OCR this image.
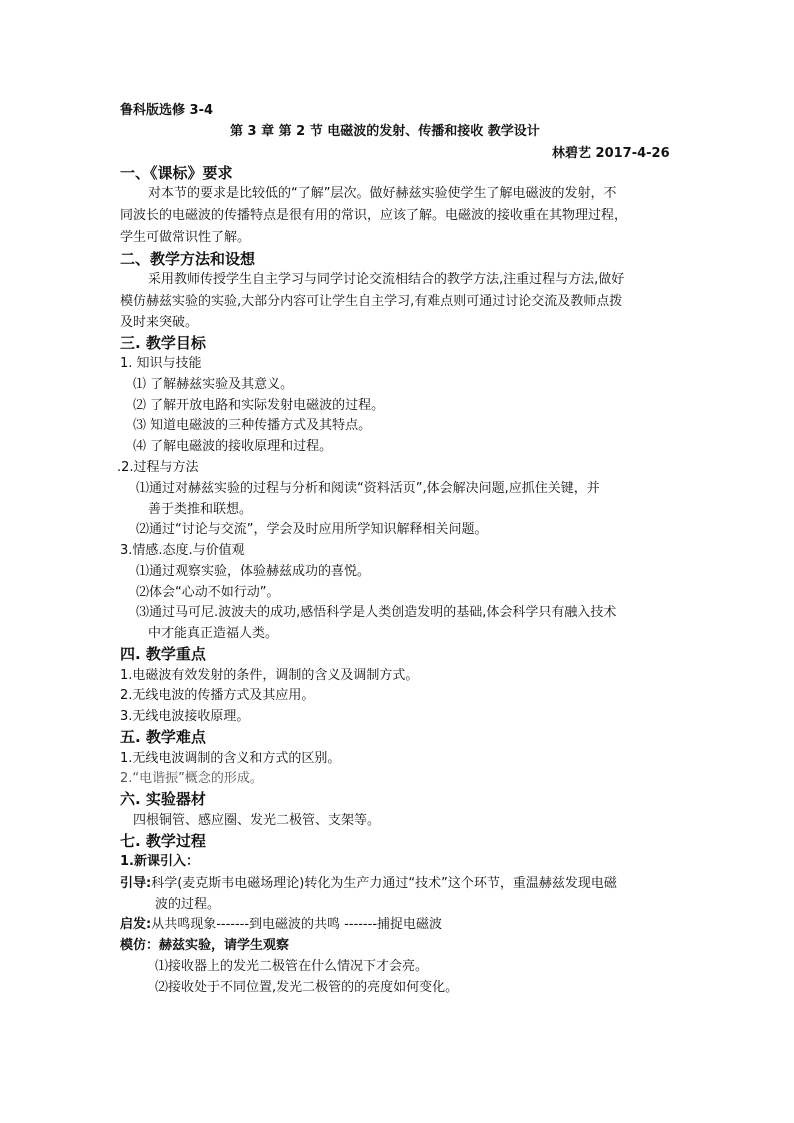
鲁科版选修 3-4
第 3 章 第 2 节 电磁波的发射、传播和接收 教学设计
林碧艺 2017-4-26
一、《课标》要求
对本节的要求是比较低的“了解”层次。做好赫兹实验使学生了解电磁波的发射，不
同波长的电磁波的传播特点是很有用的常识，应该了解。电磁波的接收重在其物理过程，
学生可做常识性了解。
二、教学方法和设想
采用教师传授学生自主学习与同学讨论交流相结合的教学方法,注重过程与方法,做好
模仿赫兹实验的实验,大部分内容可让学生自主学习,有难点则可通过讨论交流及教师点拨
及时来突破。
三. 教学目标
1. 知识与技能
⑴ 了解赫兹实验及其意义。
⑵ 了解开放电路和实际发射电磁波的过程。
⑶ 知道电磁波的三种传播方式及其特点。
⑷ 了解电磁波的接收原理和过程。
.2.过程与方法
⑴通过对赫兹实验的过程与分析和阅读“资料活页”,体会解决问题,应抓住关键，并
善于类推和联想。
⑵通过“讨论与交流”，学会及时应用所学知识解释相关问题。
3.情感.态度.与价值观
⑴通过观察实验，体验赫兹成功的喜悦。
⑵体会“心动不如行动”。
⑶通过马可尼.波波夫的成功,感悟科学是人类创造发明的基础,体会科学只有融入技术
中才能真正造福人类。
四. 教学重点
1.电磁波有效发射的条件，调制的含义及调制方式。
2.无线电波的传播方式及其应用。
3.无线电波接收原理。
五. 教学难点
1.无线电波调制的含义和方式的区别。
2.“电谐振”概念的形成。
六. 实验器材
四根铜管、感应圈、发光二极管、支架等。
七. 教学过程
1.新课引入：
引导:科学(麦克斯韦电磁场理论)转化为生产力通过“技术”这个环节，重温赫兹发现电磁
波的过程。
启发:从共鸣现象-------到电磁波的共鸣 -------捕捉电磁波
模仿：赫兹实验，请学生观察
⑴接收器上的发光二极管在什么情况下才会亮。
⑵接收处于不同位置,发光二极管的的亮度如何变化。
